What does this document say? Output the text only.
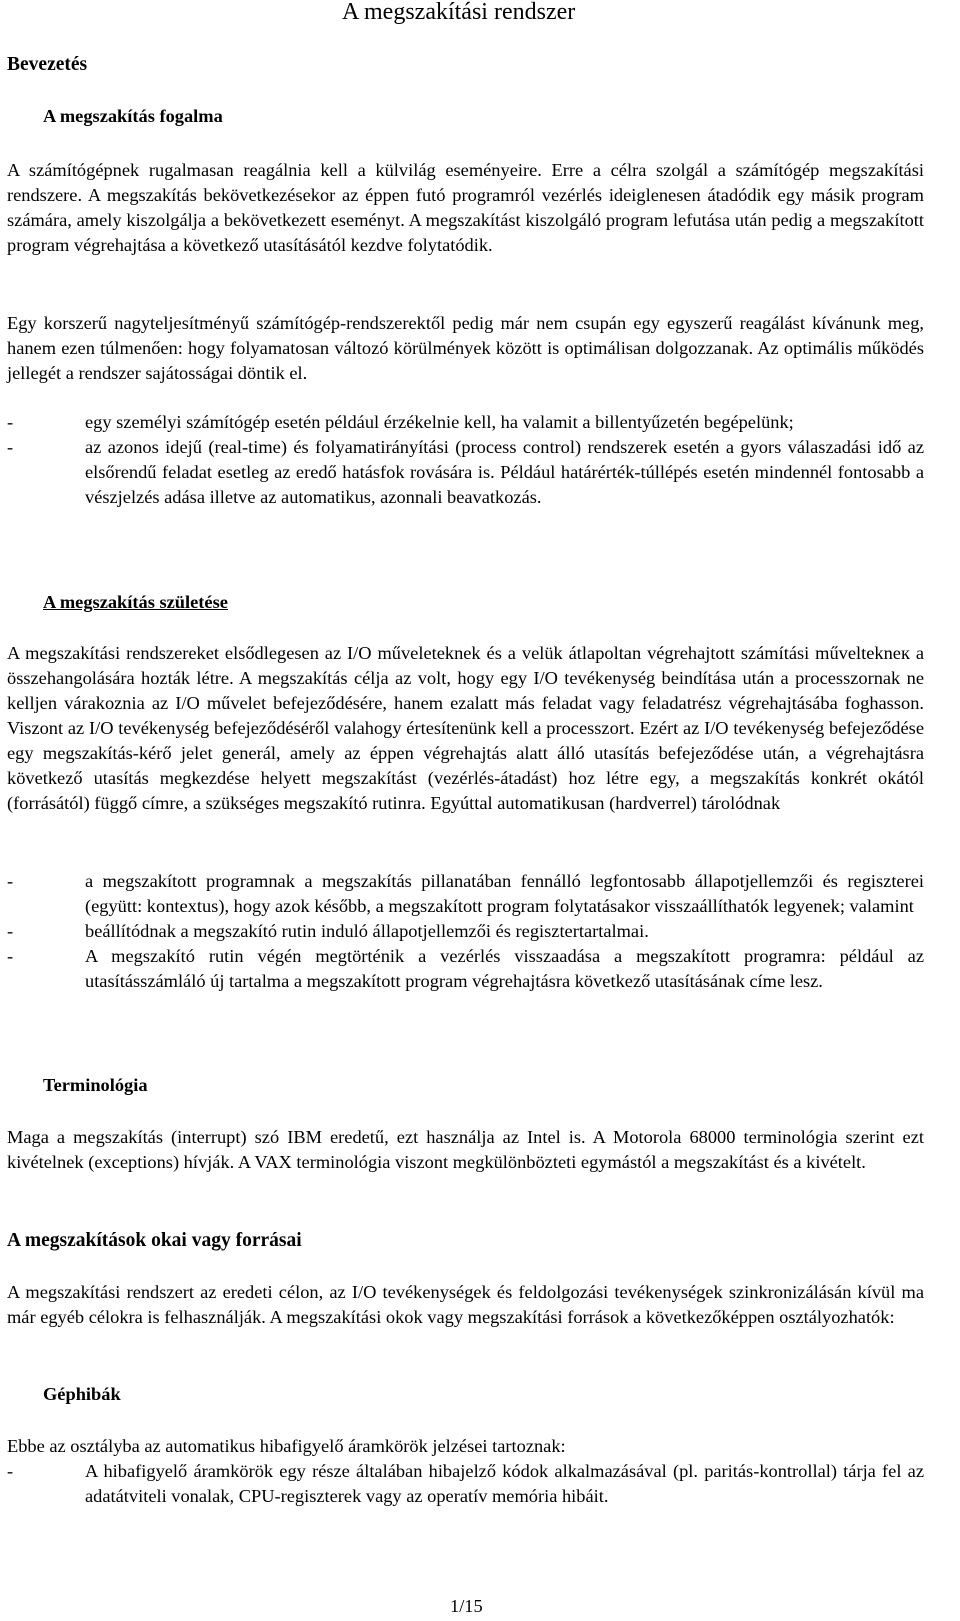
A megszakítási rendszer
Bevezetés
A megszakítás fogalma

A számítógépnek rugalmasan reagálnia kell a külvilág eseményeire. Erre a célra szolgál a számítógép megszakítási rendszere. A megszakítás bekövetkezésekor az éppen futó programról vezérlés ideiglenesen átadódik egy másik program számára, amely kiszolgálja a bekövetkezett eseményt. A megszakítást kiszolgáló program lefutása után pedig a megszakított program végrehajtása a következő utasításától kezdve folytatódik.

Egy korszerű nagyteljesítményű számítógép-rendszerektől pedig már nem csupán egy egyszerű reagálást kívánunk meg, hanem ezen túlmenően: hogy folyamatosan változó körülmények között is optimálisan dolgozzanak. Az optimális működés jellegét a rendszer sajátosságai döntik el.

-	egy személyi számítógép esetén például érzékelnie kell, ha valamit a billentyűzetén begépelünk;
-	az azonos idejű (real-time) és folyamatirányítási (process control) rendszerek esetén a gyors válaszadási idő az elsőrendű feladat esetleg az eredő hatásfok rovására is. Például határérték-túllépés esetén mindennél fontosabb a vészjelzés adása illetve az automatikus, azonnali beavatkozás.
A megszakítás születése

A megszakítási rendszereket elsődlegesen az I/O műveleteknek és a velük átlapoltan végrehajtott számítási műveltekneк a összehangolására hozták létre. A megszakítás célja az volt, hogy egy I/O tevékenység beindítása után a processzornak ne kelljen várakoznia az I/O művelet befejeződésére, hanem ezalatt más feladat vagy feladatrész végrehajtásába foghasson. Viszont az I/O tevékenység befejeződéséről valahogy értesítenünk kell a processzort. Ezért az I/O tevékenység befejeződése egy megszakítás-kérő jelet generál, amely az éppen végrehajtás alatt álló utasítás befejeződése után, a végrehajtásra következő utasítás megkezdése helyett megszakítást (vezérlés-átadást) hoz létre egy, a megszakítás konkrét okától (forrásától) függő címre, a szükséges megszakító rutinra. Egyúttal automatikusan (hardverrel) tárolódnak

-	a megszakított programnak a megszakítás pillanatában fennálló legfontosabb állapotjellemzői és regiszterei (együtt: kontextus), hogy azok később, a megszakított program folytatásakor visszaállíthatók legyenek; valamint
-	beállítódnak a megszakító rutin induló állapotjellemzői és regisztertartalmai.
-	A megszakító rutin végén megtörténik a vezérlés visszaadása a megszakított programra: például az utasításszámláló új tartalma a megszakított program végrehajtásra következő utasításának címe lesz.
Terminológia

Maga a megszakítás (interrupt) szó IBM eredetű, ezt használja az Intel is. A Motorola 68000 terminológia szerint ezt kivételnek (exceptions) hívják. A VAX terminológia viszont megkülönbözteti egymástól a megszakítást és a kivételt.

A megszakítások okai vagy forrásai

A megszakítási rendszert az eredeti célon, az I/O tevékenységek és feldolgozási tevékenységek szinkronizálásán kívül ma már egyéb célokra is felhasználják. A megszakítási okok vagy megszakítási források a következőképpen osztályozhatók:

Géphibák

Ebbe az osztályba az automatikus hibafigyelő áramkörök jelzései tartoznak:

-	A hibafigyelő áramkörök egy része általában hibajelző kódok alkalmazásával (pl. paritás-kontrollal) tárja fel az adatátviteli vonalak, CPU-regiszterek vagy az operatív memória hibáit.
1/15
